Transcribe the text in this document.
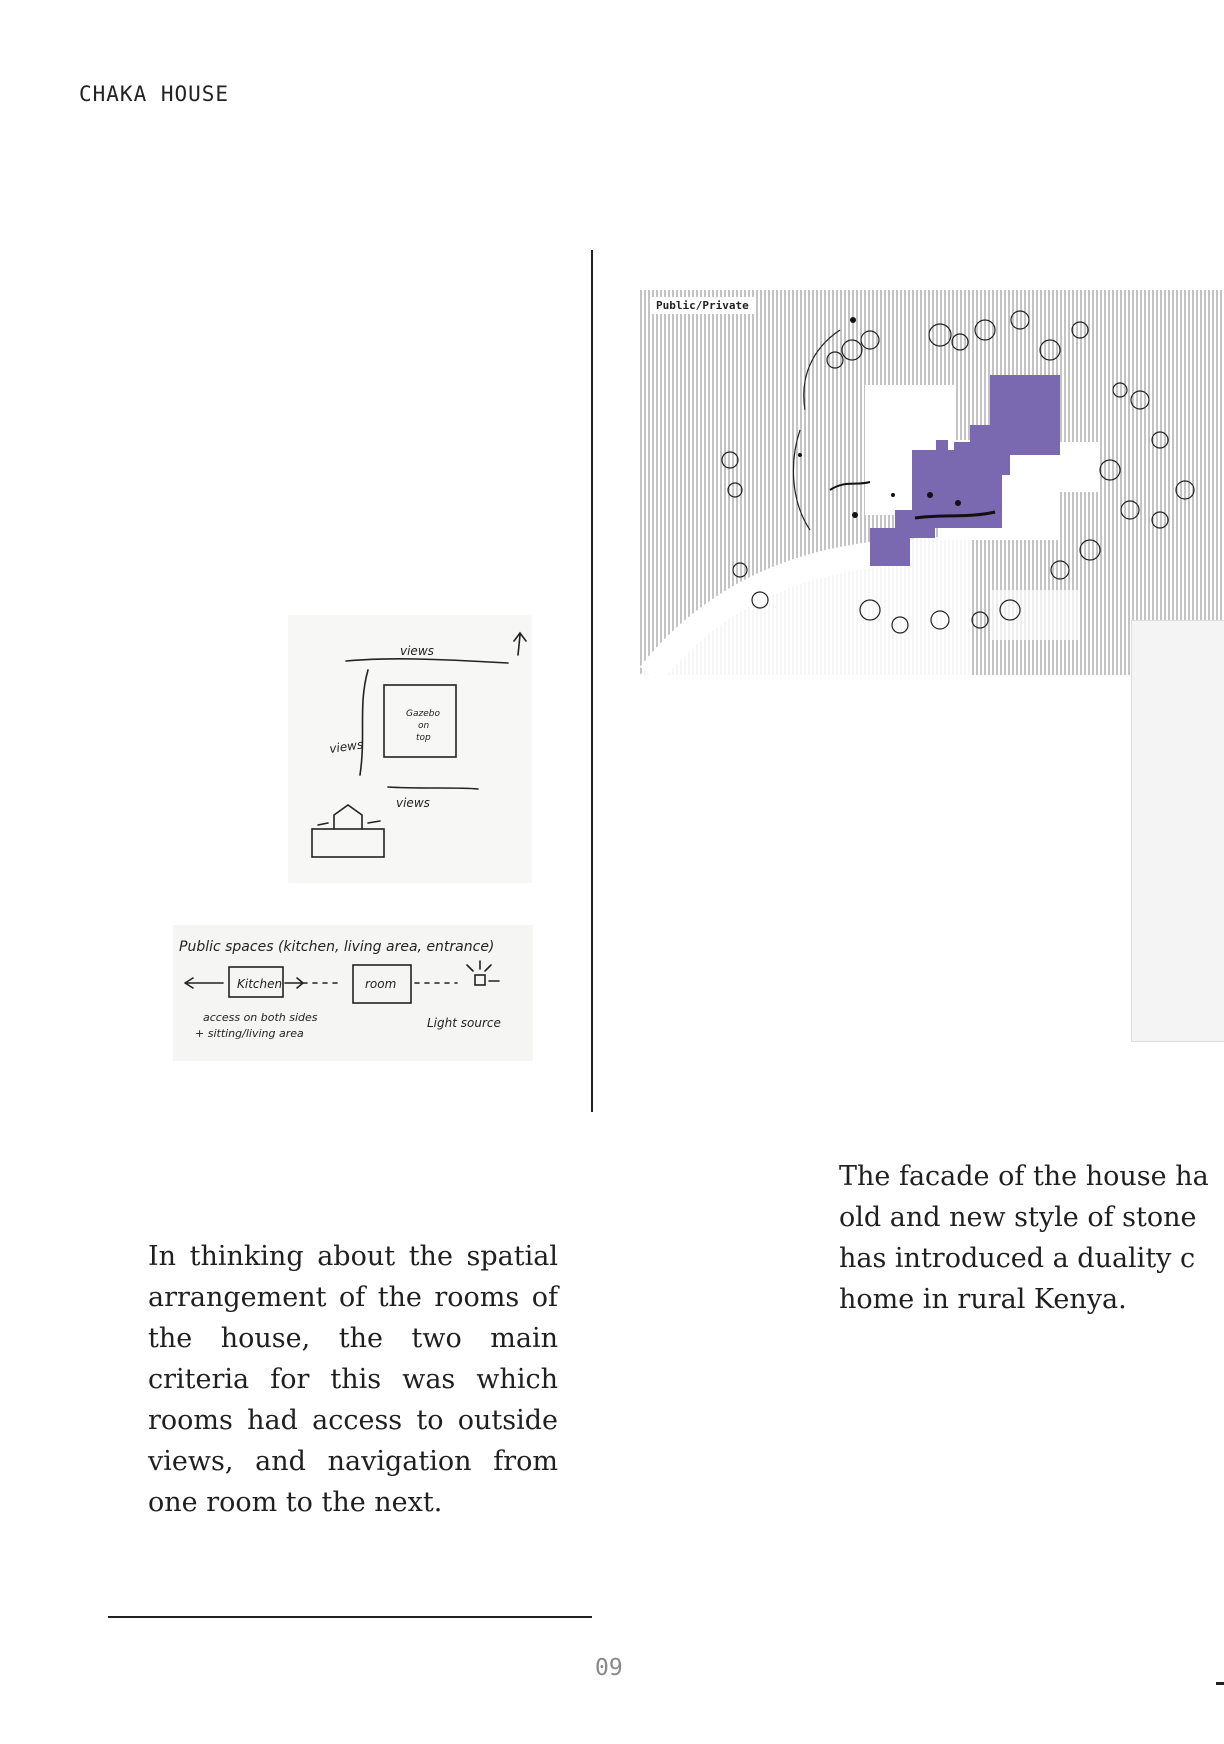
CHAKA HOUSE
views
views
views
Gazebo
on
top
Public spaces (kitchen, living area, entrance)
Kitchen	room
access on both sides
+ sitting/living area
Light source
Public/Private

In thinking about the spatial arrangement of the rooms of the house, the two main criteria for this was which rooms had access to outside views, and navigation from one room to the next.

The facade of the house ha
old and new style of stone
has introduced a duality c
home in rural Kenya.
09
